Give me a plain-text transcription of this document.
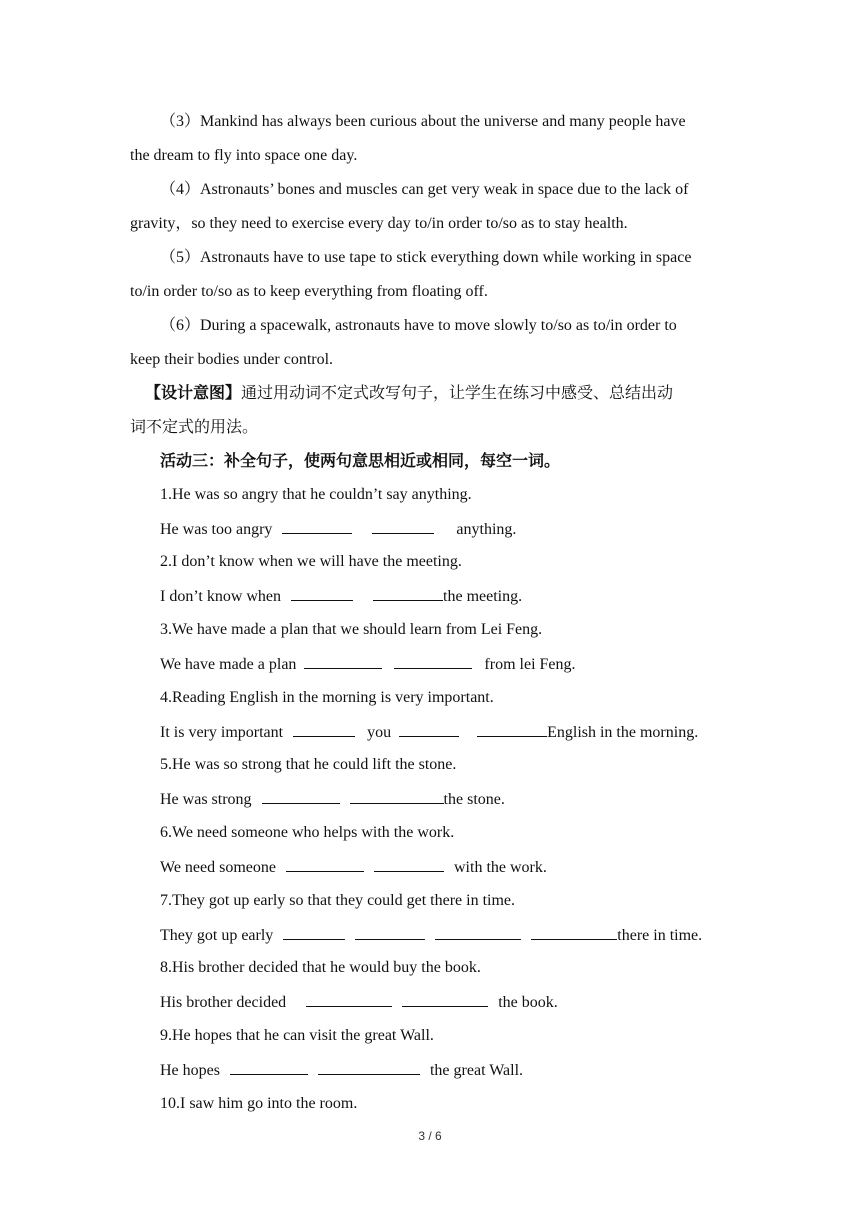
（3）Mankind has always been curious about the universe and many people have
the dream to fly into space one day.
（4）Astronauts’ bones and muscles can get very weak in space due to the lack of
gravity，so they need to exercise every day to/in order to/so as to stay health.
（5）Astronauts have to use tape to stick everything down while working in space
to/in order to/so as to keep everything from floating off.
（6）During a spacewalk, astronauts have to move slowly to/so as to/in order to
keep their bodies under control.
【设计意图】通过用动词不定式改写句子，让学生在练习中感受、总结出动
词不定式的用法。
活动三：补全句子，使两句意思相近或相同，每空一词。
1.He was so angry that he couldn’t say anything.
He was too angry	anything.
2.I don’t know when we will have the meeting.
I don’t know when	the meeting.
3.We have made a plan that we should learn from Lei Feng.
We have made a plan	from lei Feng.
4.Reading English in the morning is very important.
It is very important	you	English in the morning.
5.He was so strong that he could lift the stone.
He was strong	the stone.
6.We need someone who helps with the work.
We need someone	with the work.
7.They got up early so that they could get there in time.
They got up early	there in time.
8.His brother decided that he would buy the book.
His brother decided	the book.
9.He hopes that he can visit the great Wall.
He hopes	the great Wall.
10.I saw him go into the room.
3 / 6
